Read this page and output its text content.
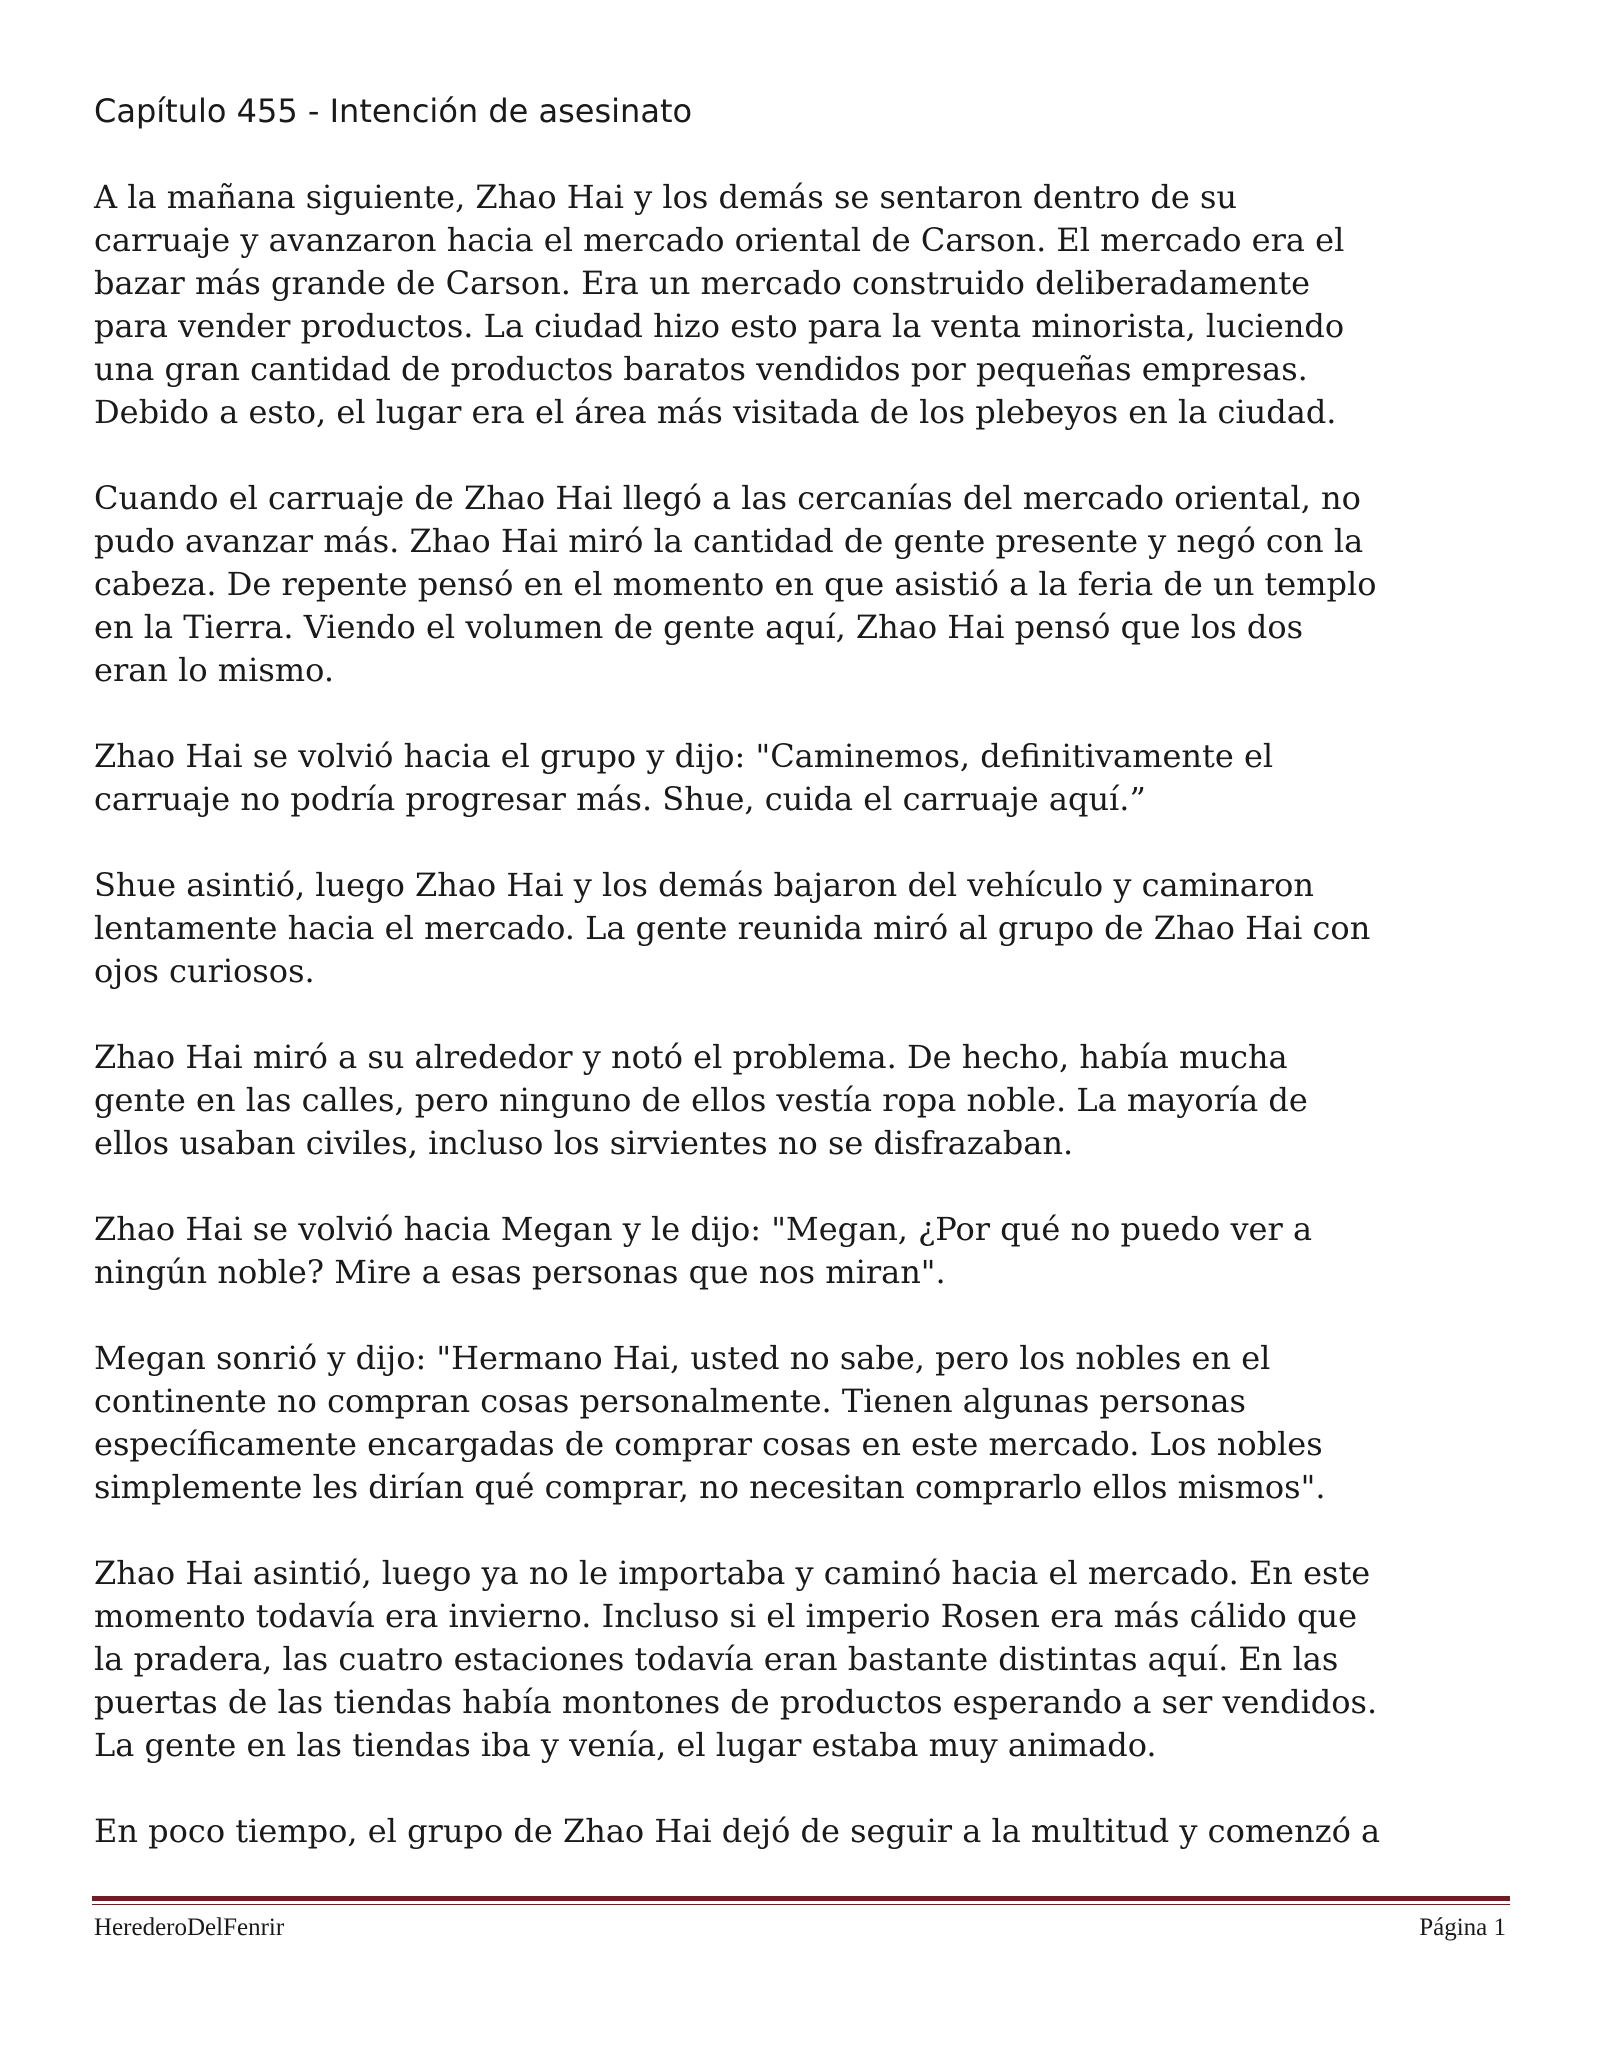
Capítulo 455 - Intención de asesinato
A la mañana siguiente, Zhao Hai y los demás se sentaron dentro de su
carruaje y avanzaron hacia el mercado oriental de Carson. El mercado era el
bazar más grande de Carson. Era un mercado construido deliberadamente
para vender productos. La ciudad hizo esto para la venta minorista, luciendo
una gran cantidad de productos baratos vendidos por pequeñas empresas.
Debido a esto, el lugar era el área más visitada de los plebeyos en la ciudad.
Cuando el carruaje de Zhao Hai llegó a las cercanías del mercado oriental, no
pudo avanzar más. Zhao Hai miró la cantidad de gente presente y negó con la
cabeza. De repente pensó en el momento en que asistió a la feria de un templo
en la Tierra. Viendo el volumen de gente aquí, Zhao Hai pensó que los dos
eran lo mismo.
Zhao Hai se volvió hacia el grupo y dijo: "Caminemos, definitivamente el
carruaje no podría progresar más. Shue, cuida el carruaje aquí.”
Shue asintió, luego Zhao Hai y los demás bajaron del vehículo y caminaron
lentamente hacia el mercado. La gente reunida miró al grupo de Zhao Hai con
ojos curiosos.
Zhao Hai miró a su alrededor y notó el problema. De hecho, había mucha
gente en las calles, pero ninguno de ellos vestía ropa noble. La mayoría de
ellos usaban civiles, incluso los sirvientes no se disfrazaban.
Zhao Hai se volvió hacia Megan y le dijo: "Megan, ¿Por qué no puedo ver a
ningún noble? Mire a esas personas que nos miran".
Megan sonrió y dijo: "Hermano Hai, usted no sabe, pero los nobles en el
continente no compran cosas personalmente. Tienen algunas personas
específicamente encargadas de comprar cosas en este mercado. Los nobles
simplemente les dirían qué comprar, no necesitan comprarlo ellos mismos".
Zhao Hai asintió, luego ya no le importaba y caminó hacia el mercado. En este
momento todavía era invierno. Incluso si el imperio Rosen era más cálido que
la pradera, las cuatro estaciones todavía eran bastante distintas aquí. En las
puertas de las tiendas había montones de productos esperando a ser vendidos.
La gente en las tiendas iba y venía, el lugar estaba muy animado.
En poco tiempo, el grupo de Zhao Hai dejó de seguir a la multitud y comenzó a
HerederoDelFenrir	Página 1
